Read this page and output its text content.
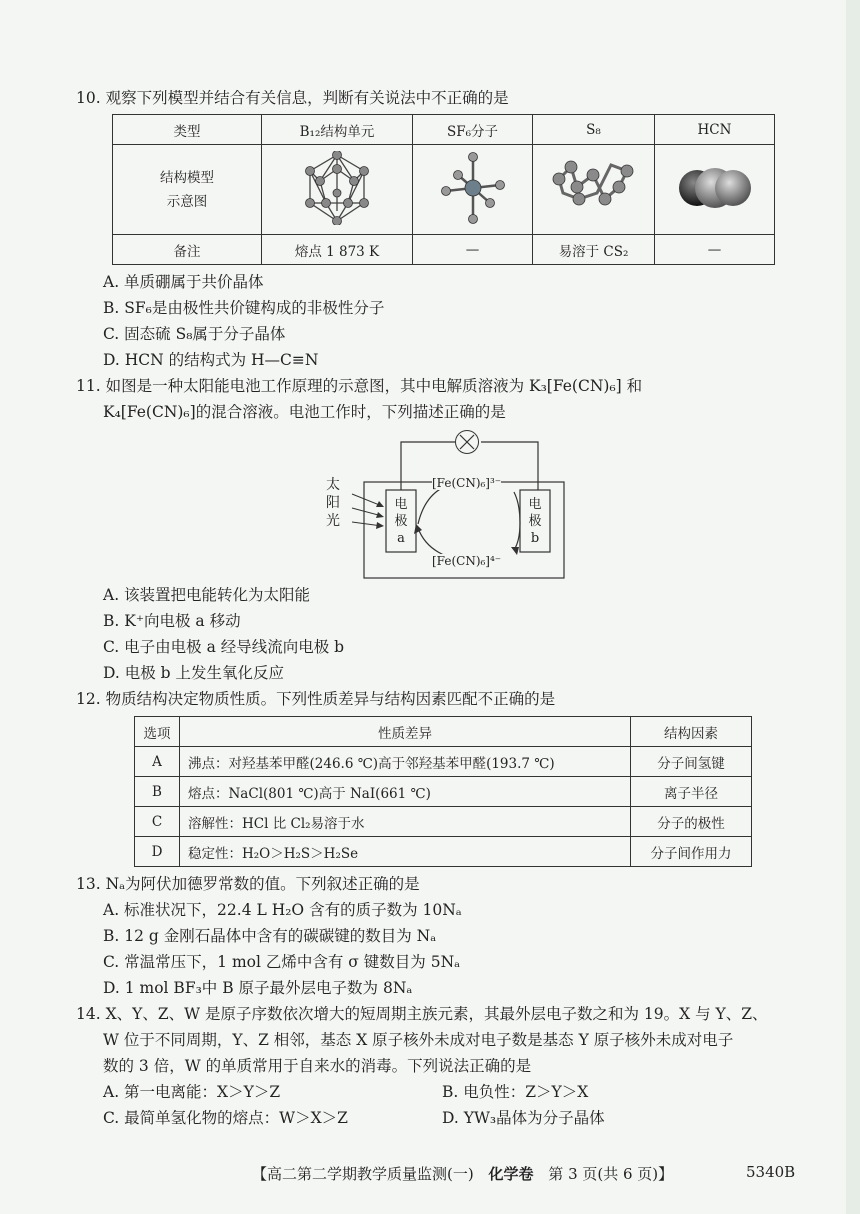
10. 观察下列模型并结合有关信息，判断有关说法中不正确的是
类型	B₁₂结构单元	SF₆分子	S₈	HCN
结构模型
示意图				
备注	熔点 1 873 K	—	易溶于 CS₂	—
A. 单质硼属于共价晶体
B. SF₆是由极性共价键构成的非极性分子
C. 固态硫 S₈属于分子晶体
D. HCN 的结构式为 H—C≡N
11. 如图是一种太阳能电池工作原理的示意图，其中电解质溶液为 K₃[Fe(CN)₆] 和
K₄[Fe(CN)₆]的混合溶液。电池工作时，下列描述正确的是
太
阳
光
电
极
a
电
极
b
[Fe(CN)₆]³⁻
[Fe(CN)₆]⁴⁻
A. 该装置把电能转化为太阳能
B. K⁺向电极 a 移动
C. 电子由电极 a 经导线流向电极 b
D. 电极 b 上发生氧化反应
12. 物质结构决定物质性质。下列性质差异与结构因素匹配不正确的是
选项	性质差异	结构因素
A	沸点：对羟基苯甲醛(246.6 ℃)高于邻羟基苯甲醛(193.7 ℃)	分子间氢键
B	熔点：NaCl(801 ℃)高于 NaI(661 ℃)	离子半径
C	溶解性：HCl 比 Cl₂易溶于水	分子的极性
D	稳定性：H₂O＞H₂S＞H₂Se	分子间作用力
13. Nₐ为阿伏加德罗常数的值。下列叙述正确的是
A. 标准状况下，22.4 L H₂O 含有的质子数为 10Nₐ
B. 12 g 金刚石晶体中含有的碳碳键的数目为 Nₐ
C. 常温常压下，1 mol 乙烯中含有 σ 键数目为 5Nₐ
D. 1 mol BF₃中 B 原子最外层电子数为 8Nₐ
14. X、Y、Z、W 是原子序数依次增大的短周期主族元素，其最外层电子数之和为 19。X 与 Y、Z、
W 位于不同周期，Y、Z 相邻，基态 X 原子核外未成对电子数是基态 Y 原子核外未成对电子
数的 3 倍，W 的单质常用于自来水的消毒。下列说法正确的是
A. 第一电离能：X＞Y＞Z	B. 电负性：Z＞Y＞X
C. 最简单氢化物的熔点：W＞X＞Z	D. YW₃晶体为分子晶体
【高二第二学期教学质量监测(一) 化学卷 第 3 页(共 6 页)】	5340B
